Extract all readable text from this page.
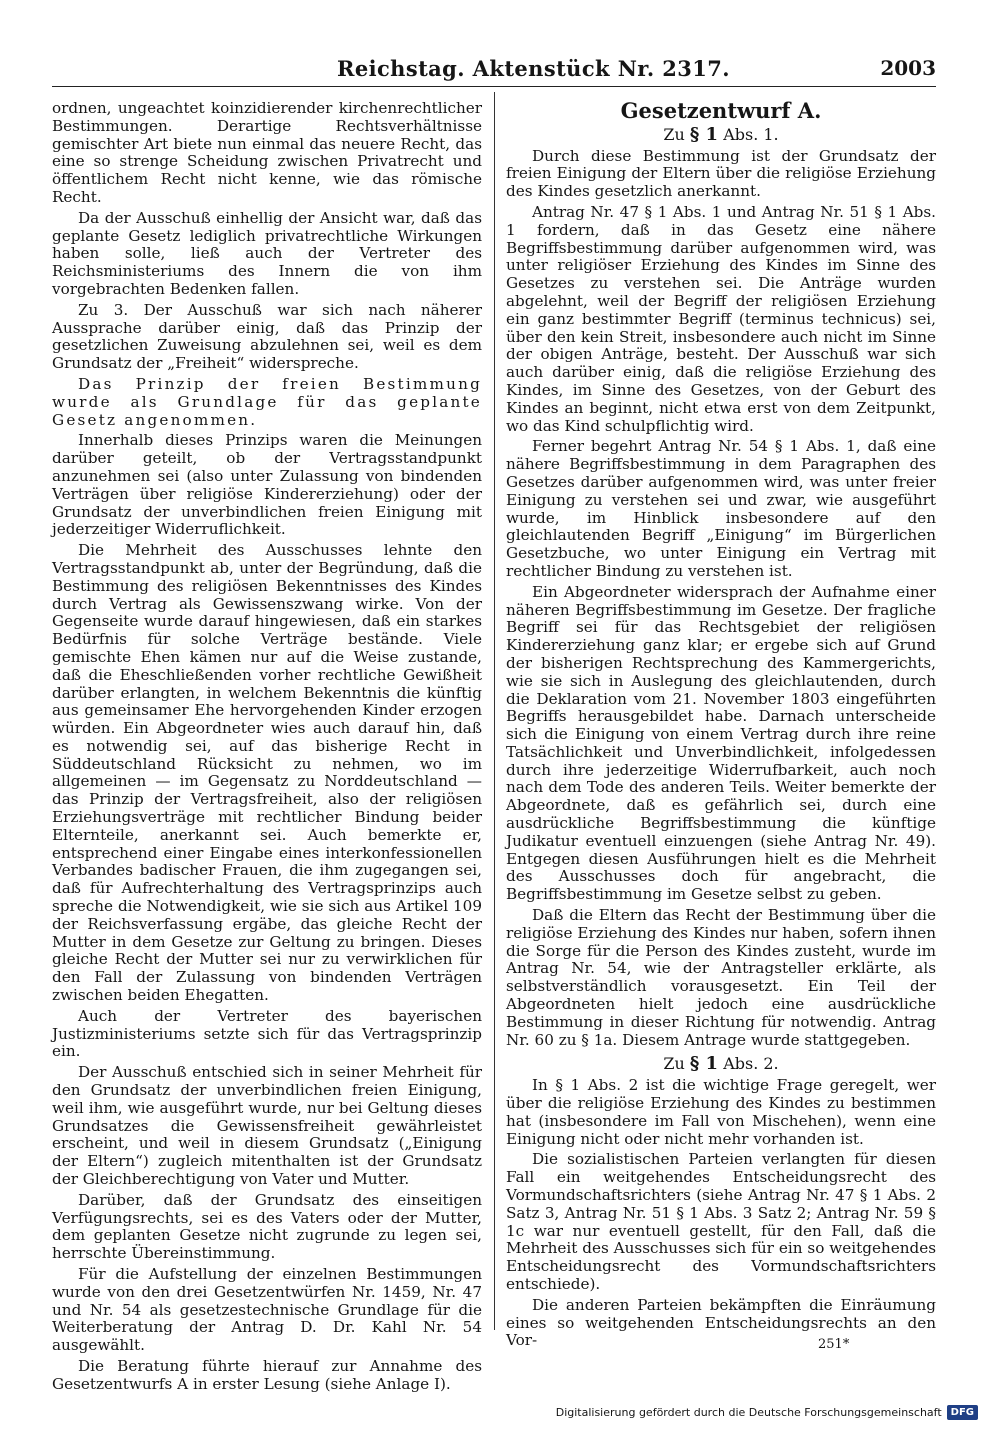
Reichstag. Aktenstück Nr. 2317.	2003

ordnen, ungeachtet koinzidierender kirchenrechtlicher Bestimmungen. Derartige Rechtsverhältnisse gemischter Art biete nun einmal das neuere Recht, das eine so strenge Scheidung zwischen Privatrecht und öffentlichem Recht nicht kenne, wie das römische Recht.

Da der Ausschuß einhellig der Ansicht war, daß das geplante Gesetz lediglich privatrechtliche Wirkungen haben solle, ließ auch der Vertreter des Reichsministeriums des Innern die von ihm vorgebrachten Bedenken fallen.

Zu 3. Der Ausschuß war sich nach näherer Aussprache darüber einig, daß das Prinzip der gesetzlichen Zuweisung abzulehnen sei, weil es dem Grundsatz der „Freiheit“ widerspreche.

Das Prinzip der freien Bestimmung wurde als Grundlage für das geplante Gesetz angenommen.

Innerhalb dieses Prinzips waren die Meinungen darüber geteilt, ob der Vertragsstandpunkt anzunehmen sei (also unter Zulassung von bindenden Verträgen über religiöse Kindererziehung) oder der Grundsatz der unverbindlichen freien Einigung mit jederzeitiger Widerruflichkeit.

Die Mehrheit des Ausschusses lehnte den Vertragsstandpunkt ab, unter der Begründung, daß die Bestimmung des religiösen Bekenntnisses des Kindes durch Vertrag als Gewissenszwang wirke. Von der Gegenseite wurde darauf hingewiesen, daß ein starkes Bedürfnis für solche Verträge bestände. Viele gemischte Ehen kämen nur auf die Weise zustande, daß die Eheschließenden vorher rechtliche Gewißheit darüber erlangten, in welchem Bekenntnis die künftig aus gemeinsamer Ehe hervorgehenden Kinder erzogen würden. Ein Abgeordneter wies auch darauf hin, daß es notwendig sei, auf das bisherige Recht in Süddeutschland Rücksicht zu nehmen, wo im allgemeinen — im Gegensatz zu Norddeutschland — das Prinzip der Vertragsfreiheit, also der religiösen Erziehungsverträge mit rechtlicher Bindung beider Elternteile, anerkannt sei. Auch bemerkte er, entsprechend einer Eingabe eines interkonfessionellen Verbandes badischer Frauen, die ihm zugegangen sei, daß für Aufrechterhaltung des Vertragsprinzips auch spreche die Notwendigkeit, wie sie sich aus Artikel 109 der Reichsverfassung ergäbe, das gleiche Recht der Mutter in dem Gesetze zur Geltung zu bringen. Dieses gleiche Recht der Mutter sei nur zu verwirklichen für den Fall der Zulassung von bindenden Verträgen zwischen beiden Ehegatten.

Auch der Vertreter des bayerischen Justizministeriums setzte sich für das Vertragsprinzip ein.

Der Ausschuß entschied sich in seiner Mehrheit für den Grundsatz der unverbindlichen freien Einigung, weil ihm, wie ausgeführt wurde, nur bei Geltung dieses Grundsatzes die Gewissensfreiheit gewährleistet erscheint, und weil in diesem Grundsatz („Einigung der Eltern“) zugleich mitenthalten ist der Grundsatz der Gleichberechtigung von Vater und Mutter.

Darüber, daß der Grundsatz des einseitigen Verfügungsrechts, sei es des Vaters oder der Mutter, dem geplanten Gesetze nicht zugrunde zu legen sei, herrschte Übereinstimmung.

Für die Aufstellung der einzelnen Bestimmungen wurde von den drei Gesetzentwürfen Nr. 1459, Nr. 47 und Nr. 54 als gesetzestechnische Grundlage für die Weiterberatung der Antrag D. Dr. Kahl Nr. 54 ausgewählt.

Die Beratung führte hierauf zur Annahme des Gesetzentwurfs A in erster Lesung (siehe Anlage I).

Gesetzentwurf A.
Zu § 1 Abs. 1.

Durch diese Bestimmung ist der Grundsatz der freien Einigung der Eltern über die religiöse Erziehung des Kindes gesetzlich anerkannt.

Antrag Nr. 47 § 1 Abs. 1 und Antrag Nr. 51 § 1 Abs. 1 fordern, daß in das Gesetz eine nähere Begriffsbestimmung darüber aufgenommen wird, was unter religiöser Erziehung des Kindes im Sinne des Gesetzes zu verstehen sei. Die Anträge wurden abgelehnt, weil der Begriff der religiösen Erziehung ein ganz bestimmter Begriff (terminus technicus) sei, über den kein Streit, insbesondere auch nicht im Sinne der obigen Anträge, besteht. Der Ausschuß war sich auch darüber einig, daß die religiöse Erziehung des Kindes, im Sinne des Gesetzes, von der Geburt des Kindes an beginnt, nicht etwa erst von dem Zeitpunkt, wo das Kind schulpflichtig wird.

Ferner begehrt Antrag Nr. 54 § 1 Abs. 1, daß eine nähere Begriffsbestimmung in dem Paragraphen des Gesetzes darüber aufgenommen wird, was unter freier Einigung zu verstehen sei und zwar, wie ausgeführt wurde, im Hinblick insbesondere auf den gleichlautenden Begriff „Einigung“ im Bürgerlichen Gesetzbuche, wo unter Einigung ein Vertrag mit rechtlicher Bindung zu verstehen ist.

Ein Abgeordneter widersprach der Aufnahme einer näheren Begriffsbestimmung im Gesetze. Der fragliche Begriff sei für das Rechtsgebiet der religiösen Kindererziehung ganz klar; er ergebe sich auf Grund der bisherigen Rechtsprechung des Kammergerichts, wie sie sich in Auslegung des gleichlautenden, durch die Deklaration vom 21. November 1803 eingeführten Begriffs herausgebildet habe. Darnach unterscheide sich die Einigung von einem Vertrag durch ihre reine Tatsächlichkeit und Unverbindlichkeit, infolgedessen durch ihre jederzeitige Widerrufbarkeit, auch noch nach dem Tode des anderen Teils. Weiter bemerkte der Abgeordnete, daß es gefährlich sei, durch eine ausdrückliche Begriffsbestimmung die künftige Judikatur eventuell einzuengen (siehe Antrag Nr. 49). Entgegen diesen Ausführungen hielt es die Mehrheit des Ausschusses doch für angebracht, die Begriffsbestimmung im Gesetze selbst zu geben.

Daß die Eltern das Recht der Bestimmung über die religiöse Erziehung des Kindes nur haben, sofern ihnen die Sorge für die Person des Kindes zusteht, wurde im Antrag Nr. 54, wie der Antragsteller erklärte, als selbstverständlich vorausgesetzt. Ein Teil der Abgeordneten hielt jedoch eine ausdrückliche Bestimmung in dieser Richtung für notwendig. Antrag Nr. 60 zu § 1a. Diesem Antrage wurde stattgegeben.

Zu § 1 Abs. 2.

In § 1 Abs. 2 ist die wichtige Frage geregelt, wer über die religiöse Erziehung des Kindes zu bestimmen hat (insbesondere im Fall von Mischehen), wenn eine Einigung nicht oder nicht mehr vorhanden ist.

Die sozialistischen Parteien verlangten für diesen Fall ein weitgehendes Entscheidungsrecht des Vormundschaftsrichters (siehe Antrag Nr. 47 § 1 Abs. 2 Satz 3, Antrag Nr. 51 § 1 Abs. 3 Satz 2; Antrag Nr. 59 § 1c war nur eventuell gestellt, für den Fall, daß die Mehrheit des Ausschusses sich für ein so weitgehendes Entscheidungsrecht des Vormundschaftsrichters entschiede).

Die anderen Parteien bekämpften die Einräumung eines so weitgehenden Entscheidungsrechts an den Vor-	251*
Digitalisierung gefördert durch die Deutsche Forschungsgemeinschaft DFG
